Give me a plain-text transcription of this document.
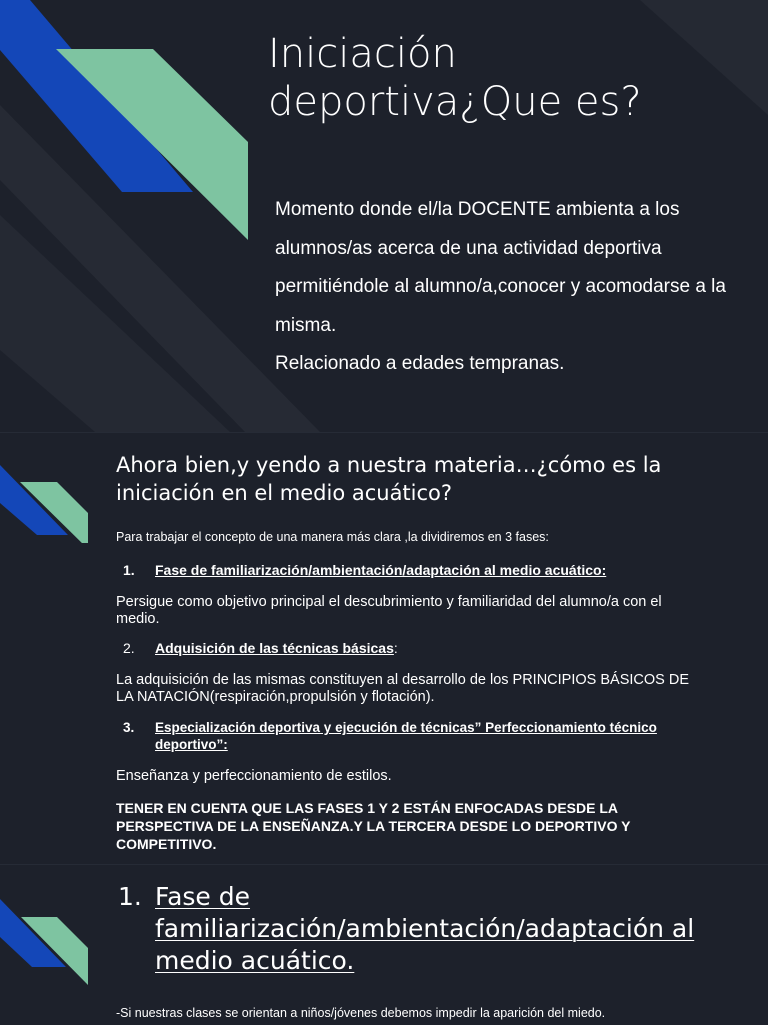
Iniciación deportiva¿Que es?

Momento donde el/la DOCENTE ambienta a los alumnos/as acerca de una actividad deportiva permitiéndole al alumno/a,conocer y acomodarse a la misma.

Relacionado a edades tempranas.

Ahora bien,y yendo a nuestra materia…¿cómo es la iniciación en el medio acuático?

Para trabajar el concepto de una manera más clara ,la dividiremos en 3 fases:

1. Fase de familiarización/ambientación/adaptación al medio acuático:

Persigue como objetivo principal el descubrimiento y familiaridad del alumno/a con el medio.

2. Adquisición de las técnicas básicas:

La adquisición de las mismas constituyen al desarrollo de los PRINCIPIOS BÁSICOS DE LA NATACIÓN(respiración,propulsión y flotación).

3. Especialización deportiva y ejecución de técnicas” Perfeccionamiento técnico deportivo”:

Enseñanza y perfeccionamiento de estilos.

TENER EN CUENTA QUE LAS FASES 1 Y 2 ESTÁN ENFOCADAS DESDE LA PERSPECTIVA DE LA ENSEÑANZA.Y LA TERCERA DESDE LO DEPORTIVO Y COMPETITIVO.

1. Fase de familiarización/ambientación/adaptación al medio acuático.

-Si nuestras clases se orientan a niños/jóvenes debemos impedir la aparición del miedo.
